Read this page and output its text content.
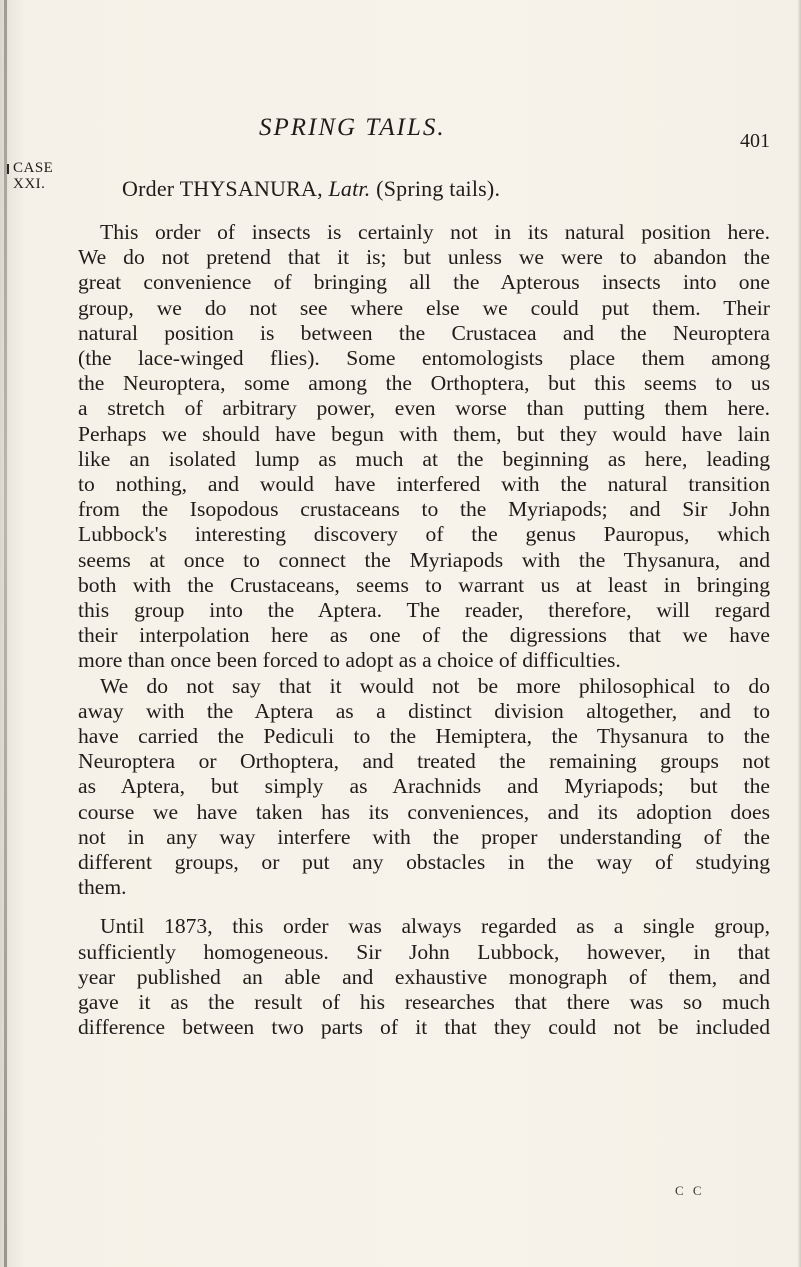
SPRING TAILS.	401
CASE
XXI.	Order THYSANURA, Latr. (Spring tails).

This order of insects is certainly not in its natural position here.
We do not pretend that it is; but unless we were to abandon the
great convenience of bringing all the Apterous insects into one
group, we do not see where else we could put them. Their
natural position is between the Crustacea and the Neuroptera
(the lace-winged flies). Some entomologists place them among
the Neuroptera, some among the Orthoptera, but this seems to us
a stretch of arbitrary power, even worse than putting them here.
Perhaps we should have begun with them, but they would have lain
like an isolated lump as much at the beginning as here, leading
to nothing, and would have interfered with the natural transition
from the Isopodous crustaceans to the Myriapods; and Sir John
Lubbock's interesting discovery of the genus Pauropus, which
seems at once to connect the Myriapods with the Thysanura, and
both with the Crustaceans, seems to warrant us at least in bringing
this group into the Aptera. The reader, therefore, will regard
their interpolation here as one of the digressions that we have
more than once been forced to adopt as a choice of difficulties.

We do not say that it would not be more philosophical to do
away with the Aptera as a distinct division altogether, and to
have carried the Pediculi to the Hemiptera, the Thysanura to the
Neuroptera or Orthoptera, and treated the remaining groups not
as Aptera, but simply as Arachnids and Myriapods; but the
course we have taken has its conveniences, and its adoption does
not in any way interfere with the proper understanding of the
different groups, or put any obstacles in the way of studying
them.

Until 1873, this order was always regarded as a single group,
sufficiently homogeneous. Sir John Lubbock, however, in that
year published an able and exhaustive monograph of them, and
gave it as the result of his researches that there was so much
difference between two parts of it that they could not be included

C C
